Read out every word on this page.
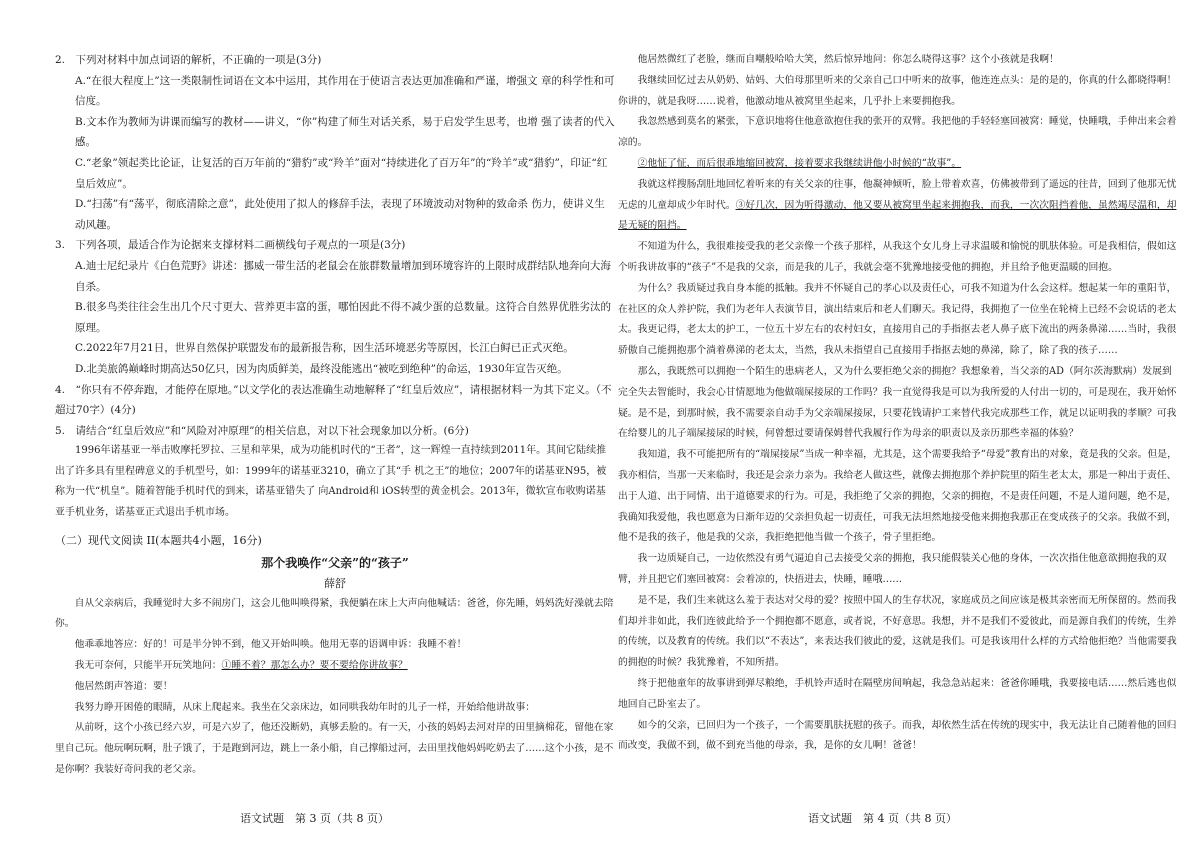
2.　下列对材料中加点词语的解析，不正确的一项是(3分)

A.“在很大程度上”这一类限制性词语在文本中运用，其作用在于使语言表达更加准确和严谨，增强文 章的科学性和可信度。

B.文本作为教师为讲课而编写的教材——讲义，“你”构建了师生对话关系，易于启发学生思考，也增 强了读者的代入感。

C.“老象”领起类比论证，让复活的百万年前的“猎豹”或“羚羊”面对“持续进化了百万年”的“羚羊”或“猎豹”，印证“红皇后效应”。

D.“扫荡”有“荡平，彻底清除之意”，此处使用了拟人的修辞手法，表现了环境波动对物种的致命杀 伤力，使讲义生动风趣。

3.　下列各项，最适合作为论据来支撑材料二画横线句子观点的一项是(3分)

A.迪士尼纪录片《白色荒野》讲述：挪威一带生活的老鼠会在旅群数量增加到环境容许的上限时成群结队地奔向大海自杀。

B.很多鸟类往往会生出几个尺寸更大、营养更丰富的蛋，哪怕因此不得不减少蛋的总数量。这符合自然界优胜劣汰的原理。

C.2022年7月21日，世界自然保护联盟发布的最新报告称，因生活环境恶劣等原因，长江白鲟已正式灭绝。

D.北美旅鸽巅峰时期高达50亿只，因为肉质鲜美，最终没能逃出“被吃到绝种”的命运，1930年宣告灭绝。

4.　“你只有不停奔跑，才能停在原地。”以文学化的表达准确生动地解释了“红皇后效应”，请根据材料一为其下定义。（不超过70字）(4分)

5.　请结合“红皇后效应”和“风险对冲原理”的相关信息，对以下社会现象加以分析。(6分)

1996年诺基亚一举击败摩托罗拉、三星和苹果，成为功能机时代的“王者”，这一辉煌一直持续到2011年。其间它陆续推出了许多具有里程碑意义的手机型号，如：1999年的诺基亚3210，确立了其“手 机之王”的地位；2007年的诺基亚N95，被称为一代“机皇”。随着智能手机时代的到来，诺基亚错失了 向Android和 iOS转型的黄金机会。2013年，微软宣布收购诺基亚手机业务，诺基亚正式退出手机市场。

（二）现代文阅读 II(本题共4小题，16分)

那个我唤作“父亲”的“孩子”

薛舒

自从父亲病后，我睡觉时大多不闹房门，这会儿他叫唤得紧，我便躺在床上大声向他喊话：爸爸，你先睡，妈妈洗好澡就去陪你。

他乖乖地答应：好的！可是半分钟不到，他又开始叫唤。他用无辜的语调申诉：我睡不着！

我无可奈何，只能半开玩笑地问：①睡不着？那怎么办？要不要给你讲故事？

他居然朗声答道：要！

我努力睁开困倦的眼睛，从床上爬起来。我坐在父亲床边，如同哄我幼年时的儿子一样，开始给他讲故事：

从前呀，这个小孩已经六岁，可是六岁了，他还没断奶，真够丢脸的。有一天，小孩的妈妈去河对岸的田里摘棉花，留他在家里自己玩。他玩啊玩啊，肚子饿了，于是跑到河边，跳上一条小船，自己撑船过河，去田里找他妈妈吃奶去了……这个小孩，是不是你啊？我装好奇问我的老父亲。

他居然微红了老脸，继而自嘲般哈哈大笑，然后惊异地问：你怎么晓得这事？这个小孩就是我啊！

我继续回忆过去从奶奶、姑妈、大伯母那里听来的父亲自己口中听来的故事，他连连点头：是的是的，你真的什么都晓得啊！你讲的，就是我呀……说着，他激动地从被窝里坐起来，几乎扑上来要拥抱我。

我忽然感到莫名的紧张，下意识地将住他意欲抱住我的张开的双臂。我把他的手轻轻塞回被窝：睡觉，快睡哦，手伸出来会着凉的。

②他怔了怔，而后很乖地缩回被窝，接着要求我继续讲他小时候的“故事”。

我就这样搜肠刮肚地回忆着听来的有关父亲的往事，他凝神倾听，脸上带着欢喜，仿佛被带到了遥远的往昔，回到了他那无忧无虑的儿童却成少年时代。③好几次，因为听得激动，他又要从被窝里坐起来拥抱我，而我，一次次阻挡着他，虽然竭尽温和，却是无疑的阻挡。

不知道为什么，我很难接受我的老父亲像一个孩子那样，从我这个女儿身上寻求温暖和愉悦的肌肤体验。可是我相信，假如这个听我讲故事的“孩子”不是我的父亲，而是我的儿子，我就会毫不犹豫地接受他的拥抱，并且给予他更温暖的回抱。

为什么？我质疑过我自身本能的抵触。我并不怀疑自己的孝心以及责任心，可我不知道为什么会这样。想起某一年的重阳节，在社区的众人养护院，我们为老年人表演节目，演出结束后和老人们聊天。我记得，我拥抱了一位坐在轮椅上已经不会说话的老太太。我更记得，老太太的护工，一位五十岁左右的农村妇女，直接用自己的手指抠去老人鼻子底下流出的两条鼻涕……当时，我很骄傲自己能拥抱那个淌着鼻涕的老太太，当然，我从未指望自己直接用手指抠去她的鼻涕，除了，除了我的孩子……

那么，我既然可以拥抱一个陌生的患病老人，又为什么要拒绝父亲的拥抱？我想象着，当父亲的AD（阿尔茨海默病）发展到完全失去智能时，我会心甘情愿地为他做端屎接尿的工作吗？我一直觉得我是可以为我所爱的人付出一切的，可是现在，我开始怀疑。是不是，到那时候，我不需要亲自动手为父亲端屎接尿，只要花钱请护工来替代我完成那些工作，就足以证明我的孝顺？可我在给婴儿的儿子端屎接尿的时候，何曾想过要请保姆替代我履行作为母亲的职责以及亲历那些幸福的体验？

我知道，我不可能把所有的“端屎接尿”当成一种幸福，尤其是，这个需要我给予“母爱”教育出的对象，竟是我的父亲。但是，我亦相信，当那一天来临时，我还是会亲力亲为。我给老人做这些，就像去拥抱那个养护院里的陌生老太太，那是一种出于责任、出于人道、出于同情、出于道德要求的行为。可是，我拒绝了父亲的拥抱，父亲的拥抱，不是责任问题，不是人道问题，绝不是，我确知我爱他，我也愿意为日渐年迈的父亲担负起一切责任，可我无法坦然地接受他来拥抱我那正在变成孩子的父亲。我做不到，他不是我的孩子，他是我的父亲，我拒绝把他当做一个孩子，骨子里拒绝。

我一边质疑自己，一边依然没有勇气逼迫自己去接受父亲的拥抱，我只能假装关心他的身体，一次次指住他意欲拥抱我的双臂，并且把它们塞回被窝：会着凉的，快捂进去，快睡，睡哦……

是不是，我们生来就这么羞于表达对父母的爱？按照中国人的生存状况，家庭成员之间应该是极其亲密而无所保留的。然而我们却并非如此，我们连彼此给予一个拥抱都不愿意，或者说，不好意思。我想，并不是我们不爱彼此，而是源自我们的传统，生养的传统，以及教育的传统。我们以“不表达”，来表达我们彼此的爱，这就是我们。可是我该用什么样的方式给他拒绝？当他需要我的拥抱的时候？我犹豫着，不知所措。

终于把他童年的故事讲到弹尽粮绝，手机铃声适时在隔壁房间响起，我急急站起来：爸爸你睡哦，我要接电话……然后逃也似地回自己卧室去了。

如今的父亲，已回归为一个孩子，一个需要肌肤抚慰的孩子。而我，却依然生活在传统的现实中，我无法让自己随着他的回归而改变，我做不到，做不到充当他的母亲，我，是你的女儿啊！爸爸！

语文试题　第 3 页（共 8 页）	语文试题　第 4 页（共 8 页）
